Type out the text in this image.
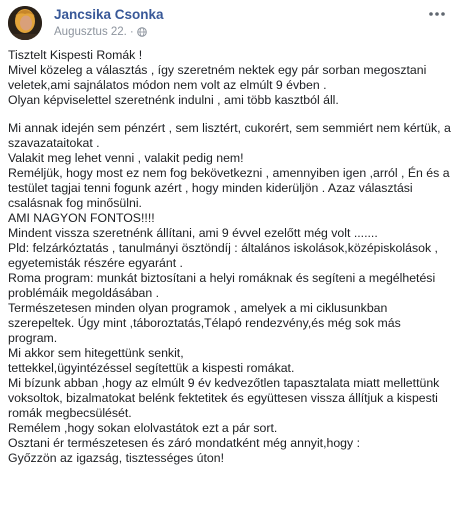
Jancsika Csonka
Augusztus 22. ·

Tisztelt Kispesti Romák !

Mivel közeleg a választás , így szeretném nektek egy pár sorban megosztani veletek,ami sajnálatos módon nem volt az elmúlt 9 évben .

Olyan képviselettel szeretnénk indulni , ami több kasztból áll.

Mi annak idején sem pénzért , sem lisztért, cukorért, sem semmiért nem kértük, a szavazataitokat .

Valakit meg lehet venni , valakit pedig nem!

Reméljük, hogy most ez nem fog bekövetkezni , amennyiben igen ,arról , Én és a testület tagjai tenni fogunk azért , hogy minden kiderüljön . Azaz választási csalásnak fog minősülni.

AMI NAGYON FONTOS!!!!

Mindent vissza szeretnénk állítani, ami 9 évvel ezelőtt még volt .......

Pld: felzárkóztatás , tanulmányi ösztöndíj : általános iskolások,középiskolások , egyetemisták részére egyaránt .

Roma program: munkát biztosítani a helyi romáknak és segíteni a megélhetési problémáik megoldásában .

Természetesen minden olyan programok , amelyek a mi ciklusunkban szerepeltek. Úgy mint ,táboroztatás,Télapó rendezvény,és még sok más program.

Mi akkor sem hitegettünk senkit,

tettekkel,ügyintézéssel segítettük a kispesti romákat.

Mi bízunk abban ,hogy az elmúlt 9 év kedvezőtlen tapasztalata miatt mellettünk voksoltok, bizalmatokat belénk fektetitek és együttesen vissza állítjuk a kispesti romák megbecsülését.

Remélem ,hogy sokan elolvastátok ezt a pár sort.

Osztani ér természetesen és záró mondatként még annyit,hogy :

Győzzön az igazság, tisztességes úton!
